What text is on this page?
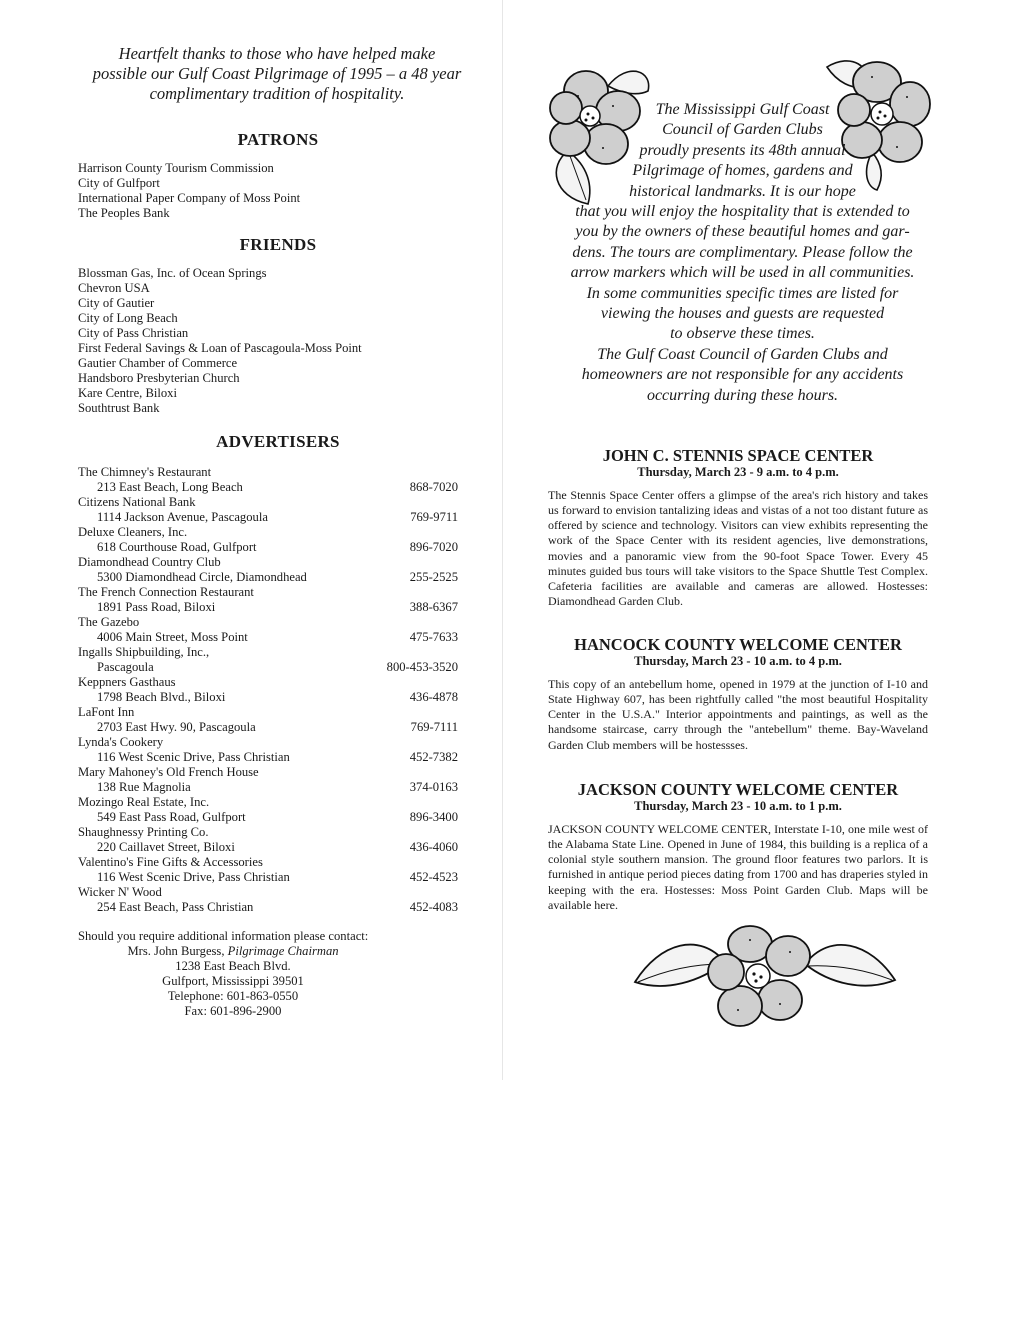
Heartfelt thanks to those who have helped make
possible our Gulf Coast Pilgrimage of 1995 – a 48 year
complimentary tradition of hospitality.
PATRONS
Harrison County Tourism Commission
City of Gulfport
International Paper Company of Moss Point
The Peoples Bank
FRIENDS
Blossman Gas, Inc. of Ocean Springs
Chevron USA
City of Gautier
City of Long Beach
City of Pass Christian
First Federal Savings & Loan of Pascagoula-Moss Point
Gautier Chamber of Commerce
Handsboro Presbyterian Church
Kare Centre, Biloxi
Southtrust Bank
ADVERTISERS
The Chimney's Restaurant
213 East Beach, Long Beach	868-7020
Citizens National Bank
1114 Jackson Avenue, Pascagoula	769-9711
Deluxe Cleaners, Inc.
618 Courthouse Road, Gulfport	896-7020
Diamondhead Country Club
5300 Diamondhead Circle, Diamondhead	255-2525
The French Connection Restaurant
1891 Pass Road, Biloxi	388-6367
The Gazebo
4006 Main Street, Moss Point	475-7633
Ingalls Shipbuilding, Inc.,
Pascagoula	800-453-3520
Keppners Gasthaus
1798 Beach Blvd., Biloxi	436-4878
LaFont Inn
2703 East Hwy. 90, Pascagoula	769-7111
Lynda's Cookery
116 West Scenic Drive, Pass Christian	452-7382
Mary Mahoney's Old French House
138 Rue Magnolia	374-0163
Mozingo Real Estate, Inc.
549 East Pass Road, Gulfport	896-3400
Shaughnessy Printing Co.
220 Caillavet Street, Biloxi	436-4060
Valentino's Fine Gifts & Accessories
116 West Scenic Drive, Pass Christian	452-4523
Wicker N' Wood
254 East Beach, Pass Christian	452-4083
Should you require additional information please contact:
Mrs. John Burgess, Pilgrimage Chairman
1238 East Beach Blvd.
Gulfport, Mississippi 39501
Telephone: 601-863-0550
Fax: 601-896-2900
The Mississippi Gulf Coast
Council of Garden Clubs
proudly presents its 48th annual
Pilgrimage of homes, gardens and
historical landmarks. It is our hope
that you will enjoy the hospitality that is extended to
you by the owners of these beautiful homes and gar-
dens. The tours are complimentary. Please follow the
arrow markers which will be used in all communities.
In some communities specific times are listed for
viewing the houses and guests are requested
to observe these times.
The Gulf Coast Council of Garden Clubs and
homeowners are not responsible for any accidents
occurring during these hours.
JOHN C. STENNIS SPACE CENTER
Thursday, March 23 - 9 a.m. to 4 p.m.

The Stennis Space Center offers a glimpse of the area's rich history and takes us forward to envision tantalizing ideas and vistas of a not too distant future as offered by science and technology. Visitors can view exhibits representing the work of the Space Center with its resident agencies, live demonstrations, movies and a panoramic view from the 90-foot Space Tower. Every 45 minutes guided bus tours will take visitors to the Space Shuttle Test Complex. Cafeteria facilities are available and cameras are allowed. Hostesses: Diamondhead Garden Club.

HANCOCK COUNTY WELCOME CENTER
Thursday, March 23 - 10 a.m. to 4 p.m.

This copy of an antebellum home, opened in 1979 at the junction of I-10 and State Highway 607, has been rightfully called "the most beautiful Hospitality Center in the U.S.A." Interior appointments and paintings, as well as the handsome staircase, carry through the "antebellum" theme. Bay-Waveland Garden Club members will be hostessses.

JACKSON COUNTY WELCOME CENTER
Thursday, March 23 - 10 a.m. to 1 p.m.

JACKSON COUNTY WELCOME CENTER, Interstate I-10, one mile west of the Alabama State Line. Opened in June of 1984, this building is a replica of a colonial style southern mansion. The ground floor features two parlors. It is furnished in antique period pieces dating from 1700 and has draperies styled in keeping with the era. Hostesses: Moss Point Garden Club. Maps will be available here.
